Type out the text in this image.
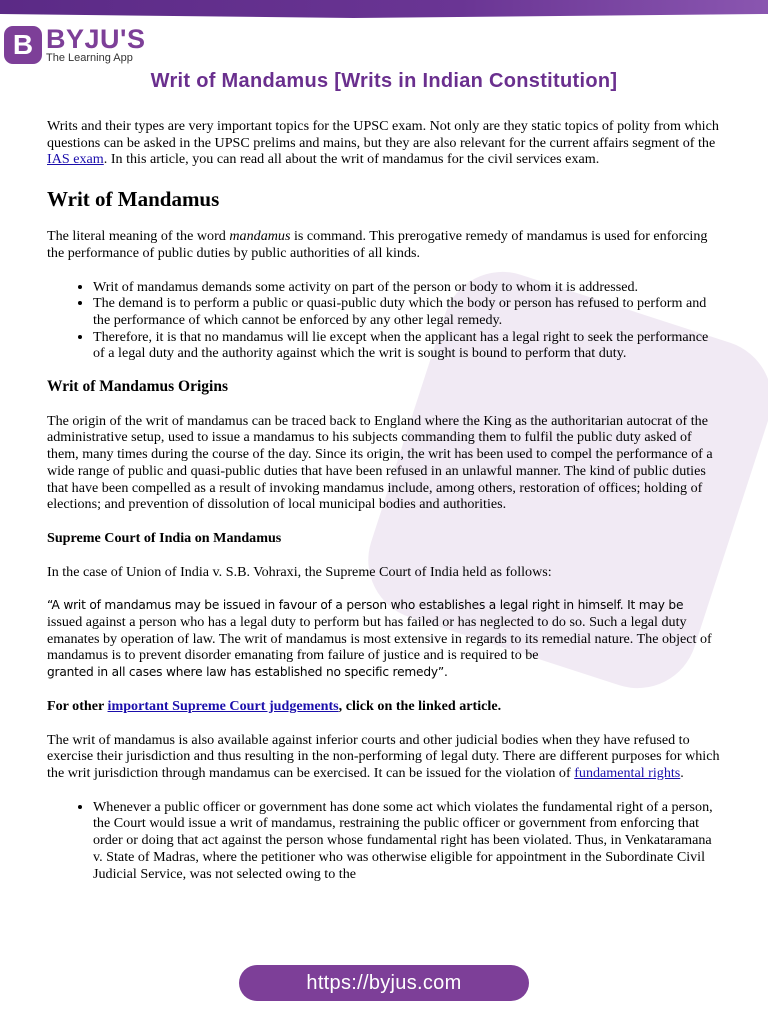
B BYJU'S
The Learning App
Writ of Mandamus [Writs in Indian Constitution]

Writs and their types are very important topics for the UPSC exam. Not only are they static topics of polity from which questions can be asked in the UPSC prelims and mains, but they are also relevant for the current affairs segment of the IAS exam. In this article, you can read all about the writ of mandamus for the civil services exam.

Writ of Mandamus

The literal meaning of the word mandamus is command. This prerogative remedy of mandamus is used for enforcing the performance of public duties by public authorities of all kinds.

• Writ of mandamus demands some activity on part of the person or body to whom it is addressed.
• The demand is to perform a public or quasi-public duty which the body or person has refused to perform and the performance of which cannot be enforced by any other legal remedy.
• Therefore, it is that no mandamus will lie except when the applicant has a legal right to seek the performance of a legal duty and the authority against which the writ is sought is bound to perform that duty.

Writ of Mandamus Origins

The origin of the writ of mandamus can be traced back to England where the King as the authoritarian autocrat of the administrative setup, used to issue a mandamus to his subjects commanding them to fulfil the public duty asked of them, many times during the course of the day. Since its origin, the writ has been used to compel the performance of a wide range of public and quasi-public duties that have been refused in an unlawful manner. The kind of public duties that have been compelled as a result of invoking mandamus include, among others, restoration of offices; holding of elections; and prevention of dissolution of local municipal bodies and authorities.

Supreme Court of India on Mandamus

In the case of Union of India v. S.B. Vohraxi, the Supreme Court of India held as follows:

“A writ of mandamus may be issued in favour of a person who establishes a legal right in himself. It may be
issued against a person who has a legal duty to perform but has failed or has neglected to do so. Such a legal duty emanates by operation of law. The writ of mandamus is most extensive in regards to its remedial nature. The object of mandamus is to prevent disorder emanating from failure of justice and is required to be
granted in all cases where law has established no specific remedy”.

For other important Supreme Court judgements, click on the linked article.

The writ of mandamus is also available against inferior courts and other judicial bodies when they have refused to exercise their jurisdiction and thus resulting in the non-performing of legal duty. There are different purposes for which the writ jurisdiction through mandamus can be exercised. It can be issued for the violation of fundamental rights.

• Whenever a public officer or government has done some act which violates the fundamental right of a person, the Court would issue a writ of mandamus, restraining the public officer or government from enforcing that order or doing that act against the person whose fundamental right has been violated. Thus, in Venkataramana v. State of Madras, where the petitioner who was otherwise eligible for appointment in the Subordinate Civil Judicial Service, was not selected owing to the
https://byjus.com
